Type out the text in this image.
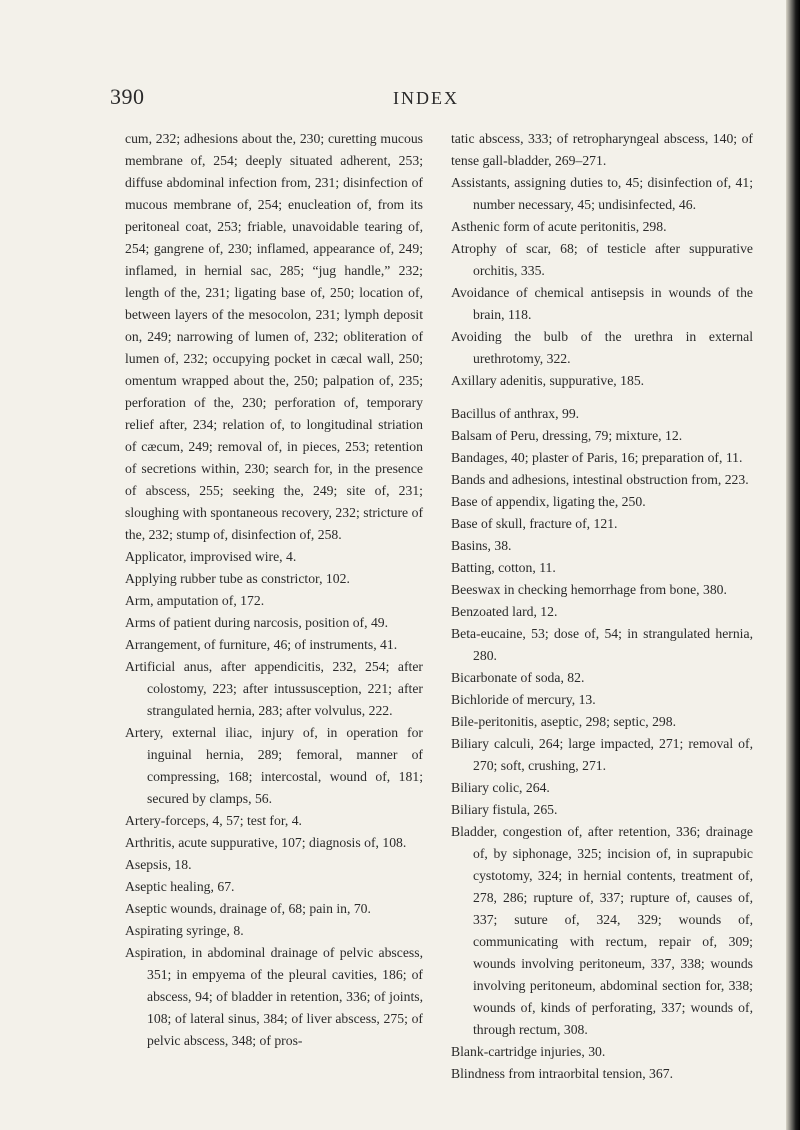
390	INDEX

cum, 232; adhesions about the, 230; curetting mucous membrane of, 254; deeply situated adherent, 253; diffuse abdominal infection from, 231; disinfection of mucous membrane of, 254; enucleation of, from its peritoneal coat, 253; friable, unavoidable tearing of, 254; gangrene of, 230; inflamed, appearance of, 249; inflamed, in hernial sac, 285; “jug handle,” 232; length of the, 231; ligating base of, 250; location of, between layers of the mesocolon, 231; lymph deposit on, 249; narrowing of lumen of, 232; obliteration of lumen of, 232; occupying pocket in cæcal wall, 250; omentum wrapped about the, 250; palpation of, 235; perforation of the, 230; perforation of, temporary relief after, 234; relation of, to longitudinal striation of cæcum, 249; removal of, in pieces, 253; retention of secretions within, 230; search for, in the presence of abscess, 255; seeking the, 249; site of, 231; sloughing with spontaneous recovery, 232; stricture of the, 232; stump of, disinfection of, 258.

Applicator, improvised wire, 4.

Applying rubber tube as constrictor, 102.

Arm, amputation of, 172.

Arms of patient during narcosis, position of, 49.

Arrangement, of furniture, 46; of instruments, 41.

Artificial anus, after appendicitis, 232, 254; after colostomy, 223; after intussusception, 221; after strangulated hernia, 283; after volvulus, 222.

Artery, external iliac, injury of, in operation for inguinal hernia, 289; femoral, manner of compressing, 168; intercostal, wound of, 181; secured by clamps, 56.

Artery-forceps, 4, 57; test for, 4.

Arthritis, acute suppurative, 107; diagnosis of, 108.

Asepsis, 18.

Aseptic healing, 67.

Aseptic wounds, drainage of, 68; pain in, 70.

Aspirating syringe, 8.

Aspiration, in abdominal drainage of pelvic abscess, 351; in empyema of the pleural cavities, 186; of abscess, 94; of bladder in retention, 336; of joints, 108; of lateral sinus, 384; of liver abscess, 275; of pelvic abscess, 348; of pros-

tatic abscess, 333; of retropharyngeal abscess, 140; of tense gall-bladder, 269–271.

Assistants, assigning duties to, 45; disinfection of, 41; number necessary, 45; undisinfected, 46.

Asthenic form of acute peritonitis, 298.

Atrophy of scar, 68; of testicle after suppurative orchitis, 335.

Avoidance of chemical antisepsis in wounds of the brain, 118.

Avoiding the bulb of the urethra in external urethrotomy, 322.

Axillary adenitis, suppurative, 185.

Bacillus of anthrax, 99.

Balsam of Peru, dressing, 79; mixture, 12.

Bandages, 40; plaster of Paris, 16; preparation of, 11.

Bands and adhesions, intestinal obstruction from, 223.

Base of appendix, ligating the, 250.

Base of skull, fracture of, 121.

Basins, 38.

Batting, cotton, 11.

Beeswax in checking hemorrhage from bone, 380.

Benzoated lard, 12.

Beta-eucaine, 53; dose of, 54; in strangulated hernia, 280.

Bicarbonate of soda, 82.

Bichloride of mercury, 13.

Bile-peritonitis, aseptic, 298; septic, 298.

Biliary calculi, 264; large impacted, 271; removal of, 270; soft, crushing, 271.

Biliary colic, 264.

Biliary fistula, 265.

Bladder, congestion of, after retention, 336; drainage of, by siphonage, 325; incision of, in suprapubic cystotomy, 324; in hernial contents, treatment of, 278, 286; rupture of, 337; rupture of, causes of, 337; suture of, 324, 329; wounds of, communicating with rectum, repair of, 309; wounds involving peritoneum, 337, 338; wounds involving peritoneum, abdominal section for, 338; wounds of, kinds of perforating, 337; wounds of, through rectum, 308.

Blank-cartridge injuries, 30.

Blindness from intraorbital tension, 367.
